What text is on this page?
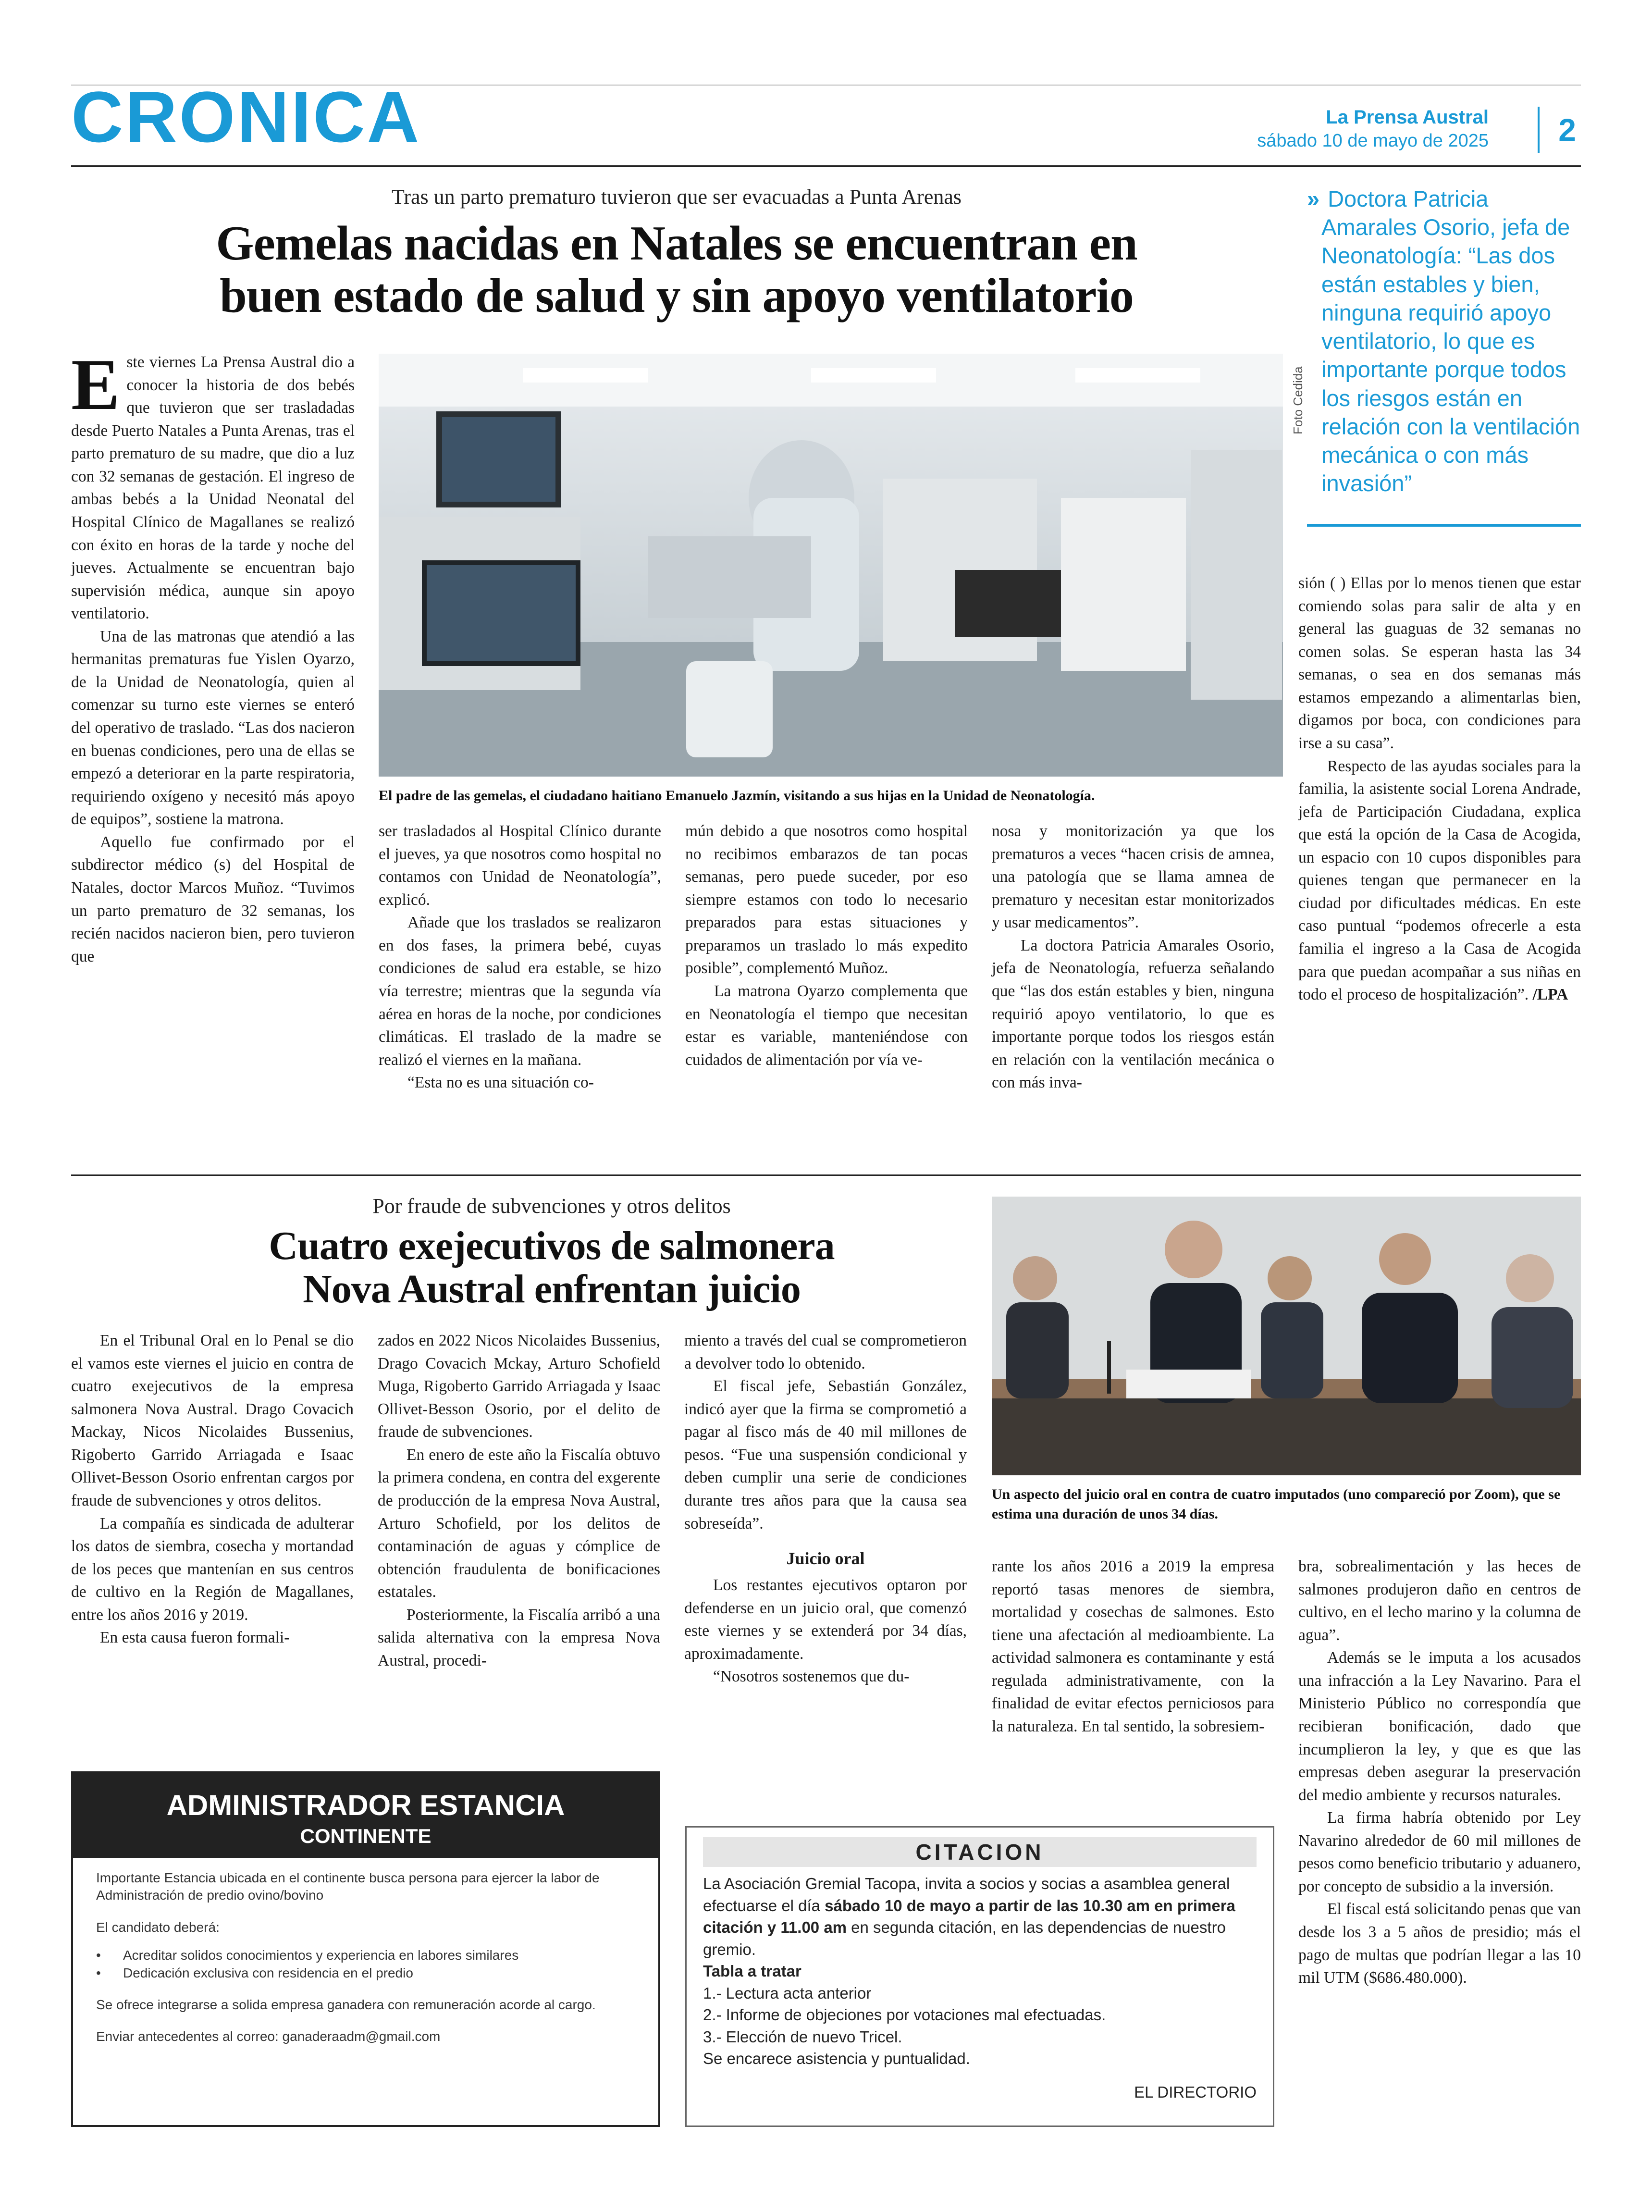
CRONICA	La Prensa Austral
sábado 10 de mayo de 2025 2
Tras un parto prematuro tuvieron que ser evacuadas a Punta Arenas
Gemelas nacidas en Natales se encuentran en
buen estado de salud y sin apoyo ventilatorio
» Doctora Patricia Amarales Osorio, jefa de Neonatología: “Las dos están estables y bien, ninguna requirió apoyo ventilatorio, lo que es importante porque todos los riesgos están en relación con la ventilación mecánica o con más invasión”

Este viernes La Prensa Austral dio a conocer la historia de dos bebés que tuvieron que ser trasladadas desde Puerto Natales a Punta Arenas, tras el parto prematuro de su madre, que dio a luz con 32 semanas de gestación. El ingreso de ambas bebés a la Unidad Neonatal del Hospital Clínico de Magallanes se realizó con éxito en horas de la tarde y noche del jueves. Actualmente se encuentran bajo supervisión médica, aunque sin apoyo ventilatorio.

Una de las matronas que atendió a las hermanitas prematuras fue Yislen Oyarzo, de la Unidad de Neonatología, quien al comenzar su turno este viernes se enteró del operativo de traslado. “Las dos nacieron en buenas condiciones, pero una de ellas se empezó a deteriorar en la parte respiratoria, requiriendo oxígeno y necesitó más apoyo de equipos”, sostiene la matrona.

Aquello fue confirmado por el subdirector médico (s) del Hospital de Natales, doctor Marcos Muñoz. “Tuvimos un parto prematuro de 32 semanas, los recién nacidos nacieron bien, pero tuvieron que

Foto Cedida
El padre de las gemelas, el ciudadano haitiano Emanuelo Jazmín, visitando a sus hijas en la Unidad de Neonatología.

ser trasladados al Hospital Clínico durante el jueves, ya que nosotros como hospital no contamos con Unidad de Neonatología”, explicó.

Añade que los traslados se realizaron en dos fases, la primera bebé, cuyas condiciones de salud era estable, se hizo vía terrestre; mientras que la segunda vía aérea en horas de la noche, por condiciones climáticas. El traslado de la madre se realizó el viernes en la mañana.

“Esta no es una situación co-

mún debido a que nosotros como hospital no recibimos embarazos de tan pocas semanas, pero puede suceder, por eso siempre estamos con todo lo necesario preparados para estas situaciones y preparamos un traslado lo más expedito posible”, complementó Muñoz.

La matrona Oyarzo complementa que en Neonatología el tiempo que necesitan estar es variable, manteniéndose con cuidados de alimentación por vía ve-

nosa y monitorización ya que los prematuros a veces “hacen crisis de amnea, una patología que se llama amnea de prematuro y necesitan estar monitorizados y usar medicamentos”.

La doctora Patricia Amarales Osorio, jefa de Neonatología, refuerza señalando que “las dos están estables y bien, ninguna requirió apoyo ventilatorio, lo que es importante porque todos los riesgos están en relación con la ventilación mecánica o con más inva-

sión ( ) Ellas por lo menos tienen que estar comiendo solas para salir de alta y en general las guaguas de 32 semanas no comen solas. Se esperan hasta las 34 semanas, o sea en dos semanas más estamos empezando a alimentarlas bien, digamos por boca, con condiciones para irse a su casa”.

Respecto de las ayudas sociales para la familia, la asistente social Lorena Andrade, jefa de Participación Ciudadana, explica que está la opción de la Casa de Acogida, un espacio con 10 cupos disponibles para quienes tengan que permanecer en la ciudad por dificultades médicas. En este caso puntual “podemos ofrecerle a esta familia el ingreso a la Casa de Acogida para que puedan acompañar a sus niñas en todo el proceso de hospitalización”. /LPA

Por fraude de subvenciones y otros delitos
Cuatro exejecutivos de salmonera
Nova Austral enfrentan juicio
Un aspecto del juicio oral en contra de cuatro imputados (uno compareció por Zoom), que se estima una duración de unos 34 días.

En el Tribunal Oral en lo Penal se dio el vamos este viernes el juicio en contra de cuatro exejecutivos de la empresa salmonera Nova Austral. Drago Covacich Mackay, Nicos Nicolaides Bussenius, Rigoberto Garrido Arriagada e Isaac Ollivet-Besson Osorio enfrentan cargos por fraude de subvenciones y otros delitos.

La compañía es sindicada de adulterar los datos de siembra, cosecha y mortandad de los peces que mantenían en sus centros de cultivo en la Región de Magallanes, entre los años 2016 y 2019.

En esta causa fueron formali-

zados en 2022 Nicos Nicolaides Bussenius, Drago Covacich Mckay, Arturo Schofield Muga, Rigoberto Garrido Arriagada y Isaac Ollivet-Besson Osorio, por el delito de fraude de subvenciones.

En enero de este año la Fiscalía obtuvo la primera condena, en contra del exgerente de producción de la empresa Nova Austral, Arturo Schofield, por los delitos de contaminación de aguas y cómplice de obtención fraudulenta de bonificaciones estatales.

Posteriormente, la Fiscalía arribó a una salida alternativa con la empresa Nova Austral, procedi-

miento a través del cual se comprometieron a devolver todo lo obtenido.

El fiscal jefe, Sebastián González, indicó ayer que la firma se comprometió a pagar al fisco más de 40 mil millones de pesos. “Fue una suspensión condicional y deben cumplir una serie de condiciones durante tres años para que la causa sea sobreseída”.

Juicio oral

Los restantes ejecutivos optaron por defenderse en un juicio oral, que comenzó este viernes y se extenderá por 34 días, aproximadamente.

“Nosotros sostenemos que du-

rante los años 2016 a 2019 la empresa reportó tasas menores de siembra, mortalidad y cosechas de salmones. Esto tiene una afectación al medioambiente. La actividad salmonera es contaminante y está regulada administrativamente, con la finalidad de evitar efectos perniciosos para la naturaleza. En tal sentido, la sobresiem-

bra, sobrealimentación y las heces de salmones produjeron daño en centros de cultivo, en el lecho marino y la columna de agua”.

Además se le imputa a los acusados una infracción a la Ley Navarino. Para el Ministerio Público no correspondía que recibieran bonificación, dado que incumplieron la ley, y que es que las empresas deben asegurar la preservación del medio ambiente y recursos naturales.

La firma habría obtenido por Ley Navarino alrededor de 60 mil millones de pesos como beneficio tributario y aduanero, por concepto de subsidio a la inversión.

El fiscal está solicitando penas que van desde los 3 a 5 años de presidio; más el pago de multas que podrían llegar a las 10 mil UTM ($686.480.000).

ADMINISTRADOR ESTANCIA
CONTINENTE
Importante Estancia ubicada en el continente busca persona para ejercer la labor de Administración de predio ovino/bovino
El candidato deberá:
•	Acreditar solidos conocimientos y experiencia en labores similares
•	Dedicación exclusiva con residencia en el predio
Se ofrece integrarse a solida empresa ganadera con remuneración acorde al cargo.
Enviar antecedentes al correo: ganaderaadm@gmail.com
CITACION
La Asociación Gremial Tacopa, invita a socios y socias a asamblea general efectuarse el día sábado 10 de mayo a partir de las 10.30 am en primera citación y 11.00 am en segunda citación, en las dependencias de nuestro gremio.
Tabla a tratar
1.- Lectura acta anterior
2.- Informe de objeciones por votaciones mal efectuadas.
3.- Elección de nuevo Tricel.
Se encarece asistencia y puntualidad.
EL DIRECTORIO
